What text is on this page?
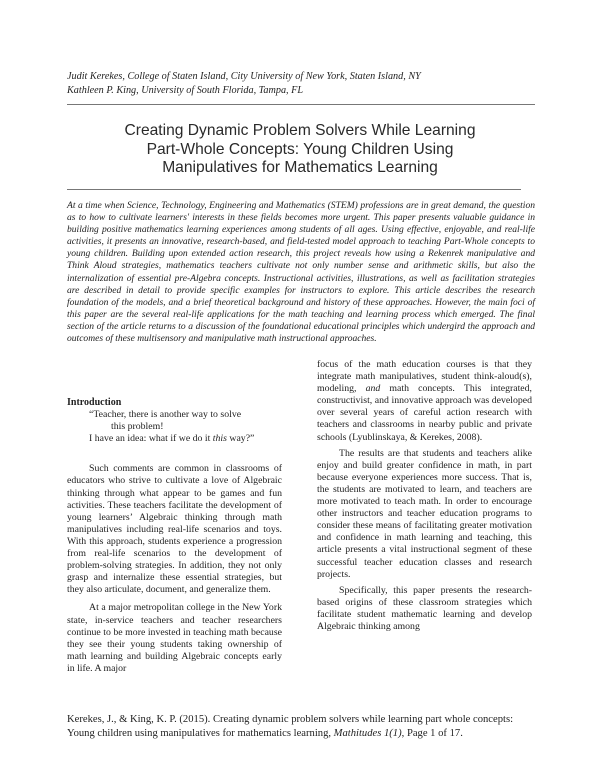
Judit Kerekes, College of Staten Island, City University of New York, Staten Island, NY
Kathleen P. King, University of South Florida, Tampa, FL
Creating Dynamic Problem Solvers While Learning
Part-Whole Concepts: Young Children Using
Manipulatives for Mathematics Learning

At a time when Science, Technology, Engineering and Mathematics (STEM) professions are in great demand, the question as to how to cultivate learners' interests in these fields becomes more urgent. This paper presents valuable guidance in building positive mathematics learning experiences among students of all ages. Using effective, enjoyable, and real-life activities, it presents an innovative, research-based, and field-tested model approach to teaching Part-Whole concepts to young children. Building upon extended action research, this project reveals how using a Rekenrek manipulative and Think Aloud strategies, mathematics teachers cultivate not only number sense and arithmetic skills, but also the internalization of essential pre-Algebra concepts. Instructional activities, illustrations, as well as facilitation strategies are described in detail to provide specific examples for instructors to explore. This article describes the research foundation of the models, and a brief theoretical background and history of these approaches. However, the main foci of this paper are the several real-life applications for the math teaching and learning process which emerged. The final section of the article returns to a discussion of the foundational educational principles which undergird the approach and outcomes of these multisensory and manipulative math instructional approaches.

Introduction

“Teacher, there is another way to solve

this problem!

I have an idea: what if we do it this way?”

Such comments are common in classrooms of educators who strive to cultivate a love of Algebraic thinking through what appear to be games and fun activities. These teachers facilitate the development of young learners’ Algebraic thinking through math manipulatives including real-life scenarios and toys. With this approach, students experience a progression from real-life scenarios to the development of problem-solving strategies. In addition, they not only grasp and internalize these essential strategies, but they also articulate, document, and generalize them.

At a major metropolitan college in the New York state, in-service teachers and teacher researchers continue to be more invested in teaching math because they see their young students taking ownership of math learning and building Algebraic concepts early in life. A major

focus of the math education courses is that they integrate math manipulatives, student think-aloud(s), modeling, and math concepts. This integrated, constructivist, and innovative approach was developed over several years of careful action research with teachers and classrooms in nearby public and private schools (Lyublinskaya, & Kerekes, 2008).

The results are that students and teachers alike enjoy and build greater confidence in math, in part because everyone experiences more success. That is, the students are motivated to learn, and teachers are more motivated to teach math. In order to encourage other instructors and teacher education programs to consider these means of facilitating greater motivation and confidence in math learning and teaching, this article presents a vital instructional segment of these successful teacher education classes and research projects.

Specifically, this paper presents the research-based origins of these classroom strategies which facilitate student mathematic learning and develop Algebraic thinking among

Kerekes, J., & King, K. P. (2015). Creating dynamic problem solvers while learning part whole concepts:
Young children using manipulatives for mathematics learning, Mathitudes 1(1), Page 1 of 17.
